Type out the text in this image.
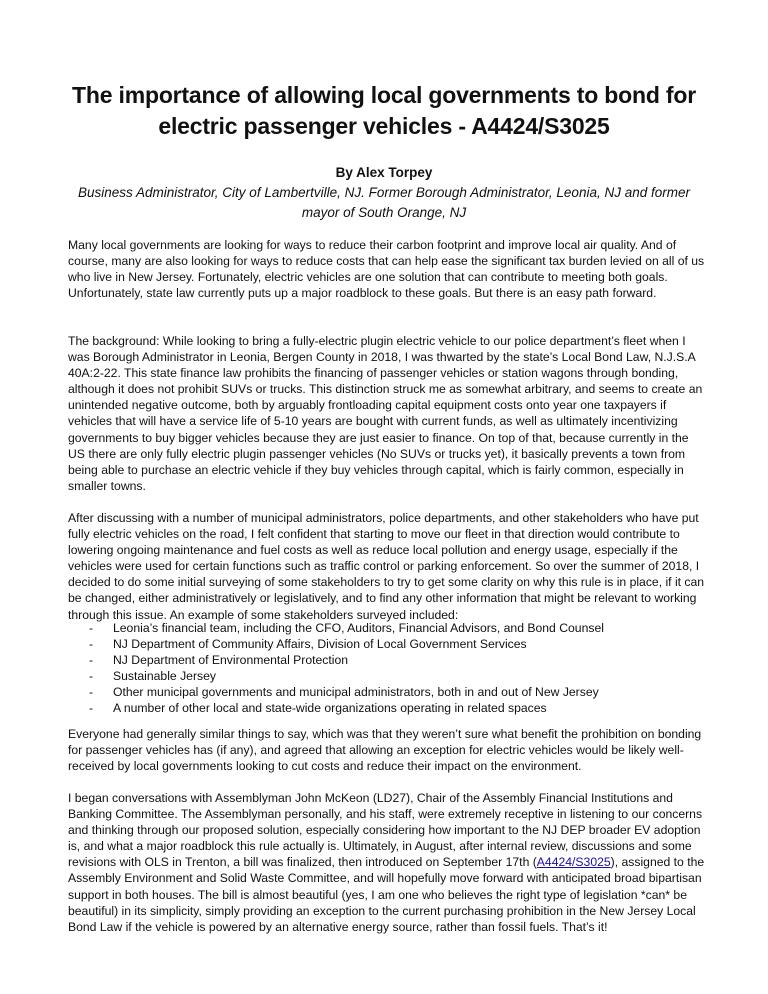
The importance of allowing local governments to bond for electric passenger vehicles - A4424/S3025

By Alex Torpey

Business Administrator, City of Lambertville, NJ. Former Borough Administrator, Leonia, NJ and former mayor of South Orange, NJ

Many local governments are looking for ways to reduce their carbon footprint and improve local air quality. And of course, many are also looking for ways to reduce costs that can help ease the significant tax burden levied on all of us who live in New Jersey. Fortunately, electric vehicles are one solution that can contribute to meeting both goals. Unfortunately, state law currently puts up a major roadblock to these goals. But there is an easy path forward.

The background: While looking to bring a fully-electric plugin electric vehicle to our police department’s fleet when I was Borough Administrator in Leonia, Bergen County in 2018, I was thwarted by the state’s Local Bond Law, N.J.S.A 40A:2-22. This state finance law prohibits the financing of passenger vehicles or station wagons through bonding, although it does not prohibit SUVs or trucks. This distinction struck me as somewhat arbitrary, and seems to create an unintended negative outcome, both by arguably frontloading capital equipment costs onto year one taxpayers if vehicles that will have a service life of 5-10 years are bought with current funds, as well as ultimately incentivizing governments to buy bigger vehicles because they are just easier to finance. On top of that, because currently in the US there are only fully electric plugin passenger vehicles (No SUVs or trucks yet), it basically prevents a town from being able to purchase an electric vehicle if they buy vehicles through capital, which is fairly common, especially in smaller towns.

After discussing with a number of municipal administrators, police departments, and other stakeholders who have put fully electric vehicles on the road, I felt confident that starting to move our fleet in that direction would contribute to lowering ongoing maintenance and fuel costs as well as reduce local pollution and energy usage, especially if the vehicles were used for certain functions such as traffic control or parking enforcement. So over the summer of 2018, I decided to do some initial surveying of some stakeholders to try to get some clarity on why this rule is in place, if it can be changed, either administratively or legislatively, and to find any other information that might be relevant to working through this issue. An example of some stakeholders surveyed included:

- Leonia’s financial team, including the CFO, Auditors, Financial Advisors, and Bond Counsel
- NJ Department of Community Affairs, Division of Local Government Services
- NJ Department of Environmental Protection
- Sustainable Jersey
- Other municipal governments and municipal administrators, both in and out of New Jersey
- A number of other local and state-wide organizations operating in related spaces

Everyone had generally similar things to say, which was that they weren’t sure what benefit the prohibition on bonding for passenger vehicles has (if any), and agreed that allowing an exception for electric vehicles would be likely well-received by local governments looking to cut costs and reduce their impact on the environment.

I began conversations with Assemblyman John McKeon (LD27), Chair of the Assembly Financial Institutions and Banking Committee. The Assemblyman personally, and his staff, were extremely receptive in listening to our concerns and thinking through our proposed solution, especially considering how important to the NJ DEP broader EV adoption is, and what a major roadblock this rule actually is. Ultimately, in August, after internal review, discussions and some revisions with OLS in Trenton, a bill was finalized, then introduced on September 17th (A4424/S3025), assigned to the Assembly Environment and Solid Waste Committee, and will hopefully move forward with anticipated broad bipartisan support in both houses. The bill is almost beautiful (yes, I am one who believes the right type of legislation *can* be beautiful) in its simplicity, simply providing an exception to the current purchasing prohibition in the New Jersey Local Bond Law if the vehicle is powered by an alternative energy source, rather than fossil fuels. That’s it!
